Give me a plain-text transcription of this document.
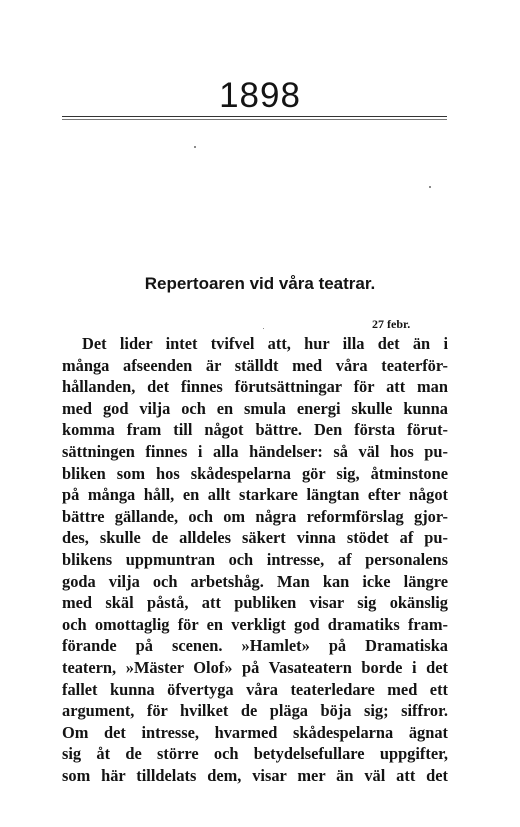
1898
Repertoaren vid våra teatrar.
27 febr.
Det lider intet tvifvel att, hur illa det än i
många afseenden är ställdt med våra teaterför-
hållanden, det finnes förutsättningar för att man
med god vilja och en smula energi skulle kunna
komma fram till något bättre. Den första förut-
sättningen finnes i alla händelser: så väl hos pu-
bliken som hos skådespelarna gör sig, åtminstone
på många håll, en allt starkare längtan efter något
bättre gällande, och om några reformförslag gjor-
des, skulle de alldeles säkert vinna stödet af pu-
blikens uppmuntran och intresse, af personalens
goda vilja och arbetshåg. Man kan icke längre
med skäl påstå, att publiken visar sig okänslig
och omottaglig för en verkligt god dramatiks fram-
förande på scenen. »Hamlet» på Dramatiska
teatern, »Mäster Olof» på Vasateatern borde i det
fallet kunna öfvertyga våra teaterledare med ett
argument, för hvilket de pläga böja sig; siffror.
Om det intresse, hvarmed skådespelarna ägnat
sig åt de större och betydelsefullare uppgifter,
som här tilldelats dem, visar mer än väl att det
